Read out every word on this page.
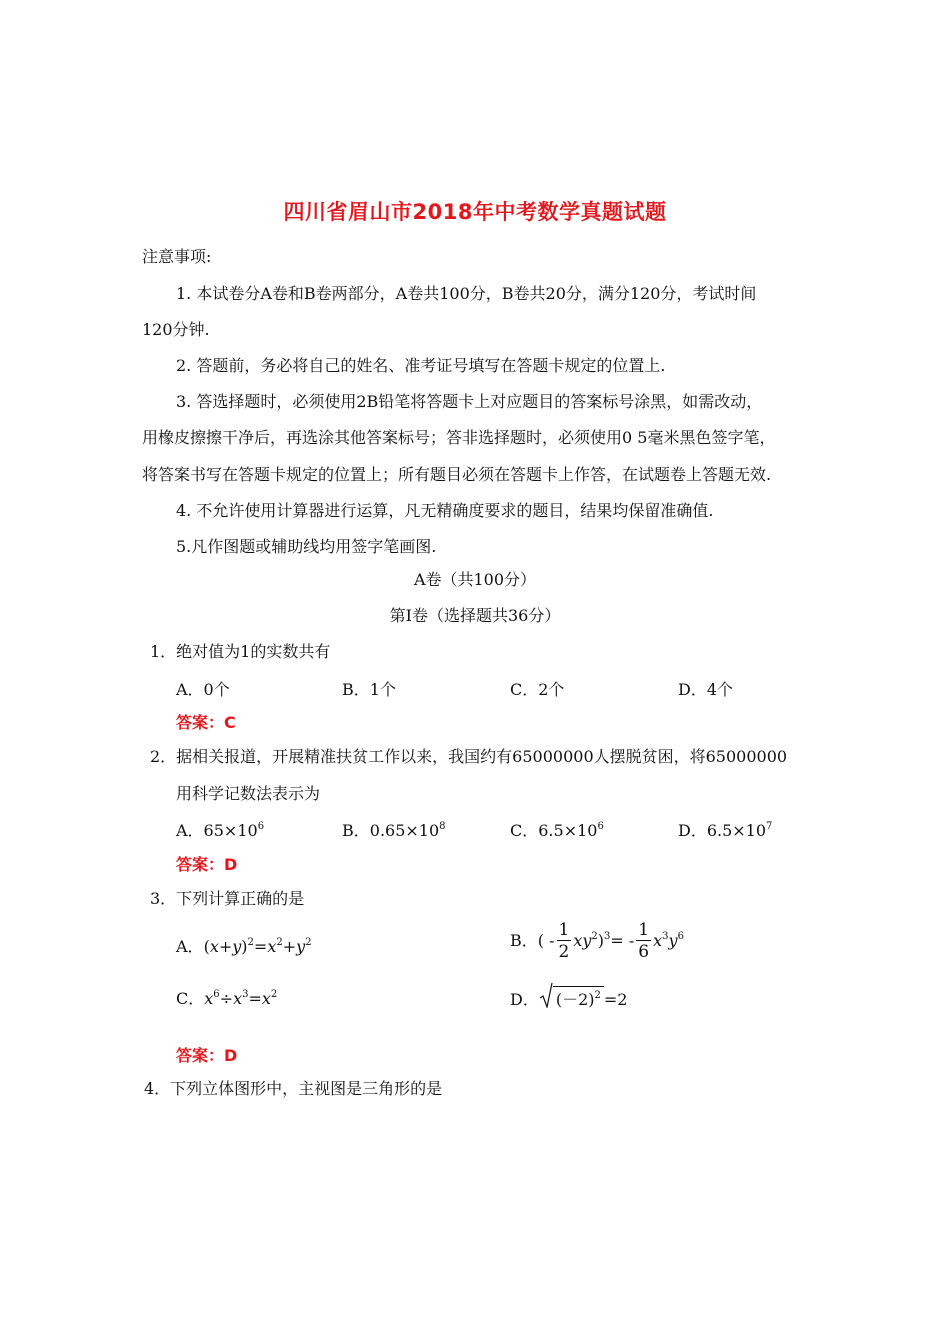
四川省眉山市2018年中考数学真题试题
注意事项:
1. 本试卷分A卷和B卷两部分，A卷共100分，B卷共20分，满分120分，考试时间
120分钟.
2. 答题前，务必将自己的姓名、准考证号填写在答题卡规定的位置上.
3. 答选择题时，必须使用2B铅笔将答题卡上对应题目的答案标号涂黑，如需改动，
用橡皮擦擦干净后，再选涂其他答案标号；答非选择题时，必须使用0 5毫米黑色签字笔，
将答案书写在答题卡规定的位置上；所有题目必须在答题卡上作答，在试题卷上答题无效.
4. 不允许使用计算器进行运算，凡无精确度要求的题目，结果均保留准确值.
5.凡作图题或辅助线均用签字笔画图.
A卷（共100分）
第Ⅰ卷（选择题共36分）
1．绝对值为1的实数共有
A．0个	B．1个	C．2个	D．4个
答案：C
2．据相关报道，开展精准扶贫工作以来，我国约有65000000人摆脱贫困，将65000000
用科学记数法表示为
A．$65\times 10^6$	B．$0.65\times 10^8$	C．$6.5\times 10^6$	D．$6.5\times 10^7$
答案：D
3．下列计算正确的是
A．$(x+y)^2=x^2+y^2$	B．( - $\frac{1}{2} xy^2)^3= - \frac{1}{6} x^3y^6$
C．$x^6\div x^3=x^2$	D． $(-2)^2 =2$
答案：D
4．下列立体图形中，主视图是三角形的是
